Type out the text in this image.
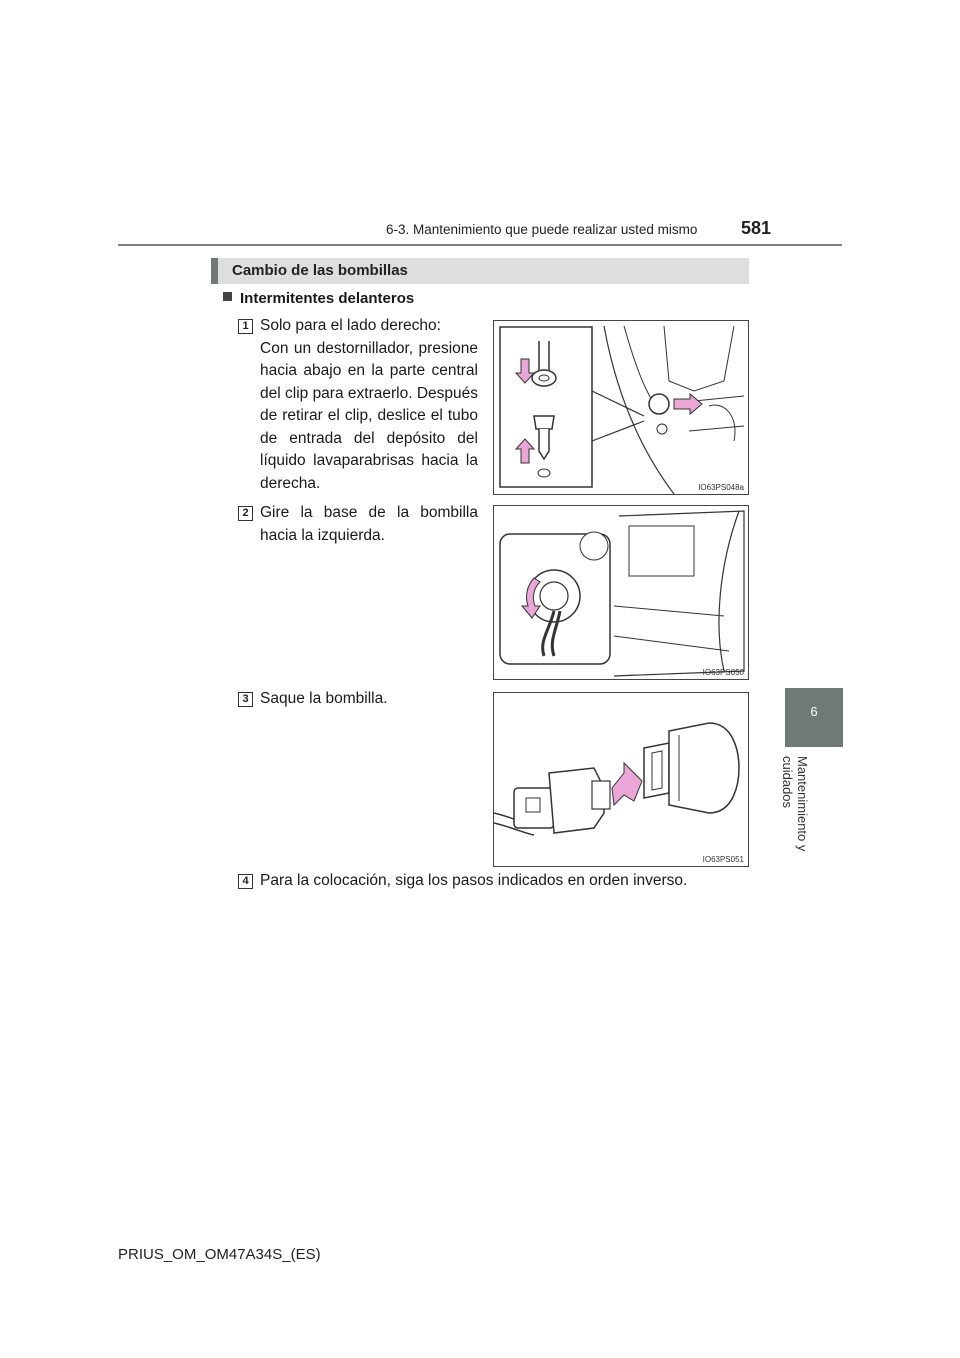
6-3. Mantenimiento que puede realizar usted mismo 581
6
Mantenimiento y cuidados
Cambio de las bombillas
Intermitentes delanteros
1 Solo para el lado derecho:
Con un destornillador, presione hacia abajo en la parte central del clip para extraerlo. Después de retirar el clip, deslice el tubo de entrada del depósito del líquido lavaparabrisas hacia la derecha.	IO63PS048a
2 Gire la base de la bombilla hacia la izquierda.
IO63PS050
3 Saque la bombilla.
IO63PS051
4 Para la colocación, siga los pasos indicados en orden inverso.
PRIUS_OM_OM47A34S_(ES)
